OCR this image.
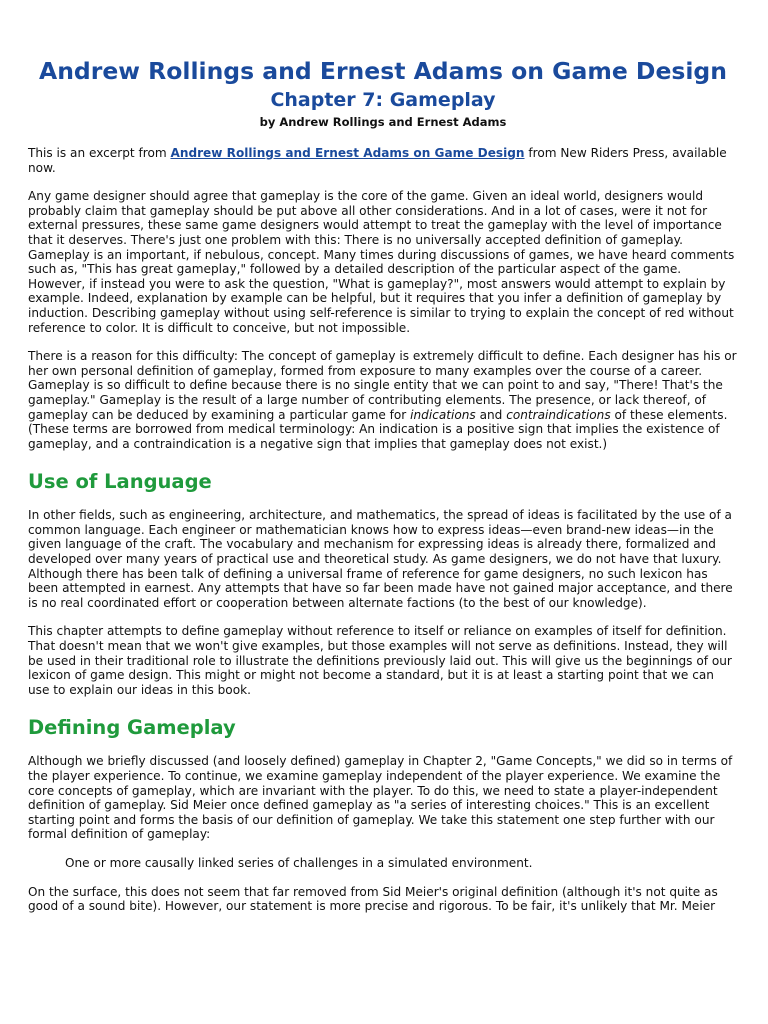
Andrew Rollings and Ernest Adams on Game Design
Chapter 7: Gameplay
by Andrew Rollings and Ernest Adams

This is an excerpt from Andrew Rollings and Ernest Adams on Game Design from New Riders Press, available now.

Any game designer should agree that gameplay is the core of the game. Given an ideal world, designers would probably claim that gameplay should be put above all other considerations. And in a lot of cases, were it not for external pressures, these same game designers would attempt to treat the gameplay with the level of importance that it deserves. There's just one problem with this: There is no universally accepted definition of gameplay. Gameplay is an important, if nebulous, concept. Many times during discussions of games, we have heard comments such as, "This has great gameplay," followed by a detailed description of the particular aspect of the game. However, if instead you were to ask the question, "What is gameplay?", most answers would attempt to explain by example. Indeed, explanation by example can be helpful, but it requires that you infer a definition of gameplay by induction. Describing gameplay without using self-reference is similar to trying to explain the concept of red without reference to color. It is difficult to conceive, but not impossible.

There is a reason for this difficulty: The concept of gameplay is extremely difficult to define. Each designer has his or her own personal definition of gameplay, formed from exposure to many examples over the course of a career. Gameplay is so difficult to define because there is no single entity that we can point to and say, "There! That's the gameplay." Gameplay is the result of a large number of contributing elements. The presence, or lack thereof, of gameplay can be deduced by examining a particular game for indications and contraindications of these elements. (These terms are borrowed from medical terminology: An indication is a positive sign that implies the existence of gameplay, and a contraindication is a negative sign that implies that gameplay does not exist.)

Use of Language

In other fields, such as engineering, architecture, and mathematics, the spread of ideas is facilitated by the use of a common language. Each engineer or mathematician knows how to express ideas—even brand-new ideas—in the given language of the craft. The vocabulary and mechanism for expressing ideas is already there, formalized and developed over many years of practical use and theoretical study. As game designers, we do not have that luxury. Although there has been talk of defining a universal frame of reference for game designers, no such lexicon has been attempted in earnest. Any attempts that have so far been made have not gained major acceptance, and there is no real coordinated effort or cooperation between alternate factions (to the best of our knowledge).

This chapter attempts to define gameplay without reference to itself or reliance on examples of itself for definition. That doesn't mean that we won't give examples, but those examples will not serve as definitions. Instead, they will be used in their traditional role to illustrate the definitions previously laid out. This will give us the beginnings of our lexicon of game design. This might or might not become a standard, but it is at least a starting point that we can use to explain our ideas in this book.

Defining Gameplay

Although we briefly discussed (and loosely defined) gameplay in Chapter 2, "Game Concepts," we did so in terms of the player experience. To continue, we examine gameplay independent of the player experience. We examine the core concepts of gameplay, which are invariant with the player. To do this, we need to state a player-independent definition of gameplay. Sid Meier once defined gameplay as "a series of interesting choices." This is an excellent starting point and forms the basis of our definition of gameplay. We take this statement one step further with our formal definition of gameplay:

One or more causally linked series of challenges in a simulated environment.

On the surface, this does not seem that far removed from Sid Meier's original definition (although it's not quite as good of a sound bite). However, our statement is more precise and rigorous. To be fair, it's unlikely that Mr. Meier
